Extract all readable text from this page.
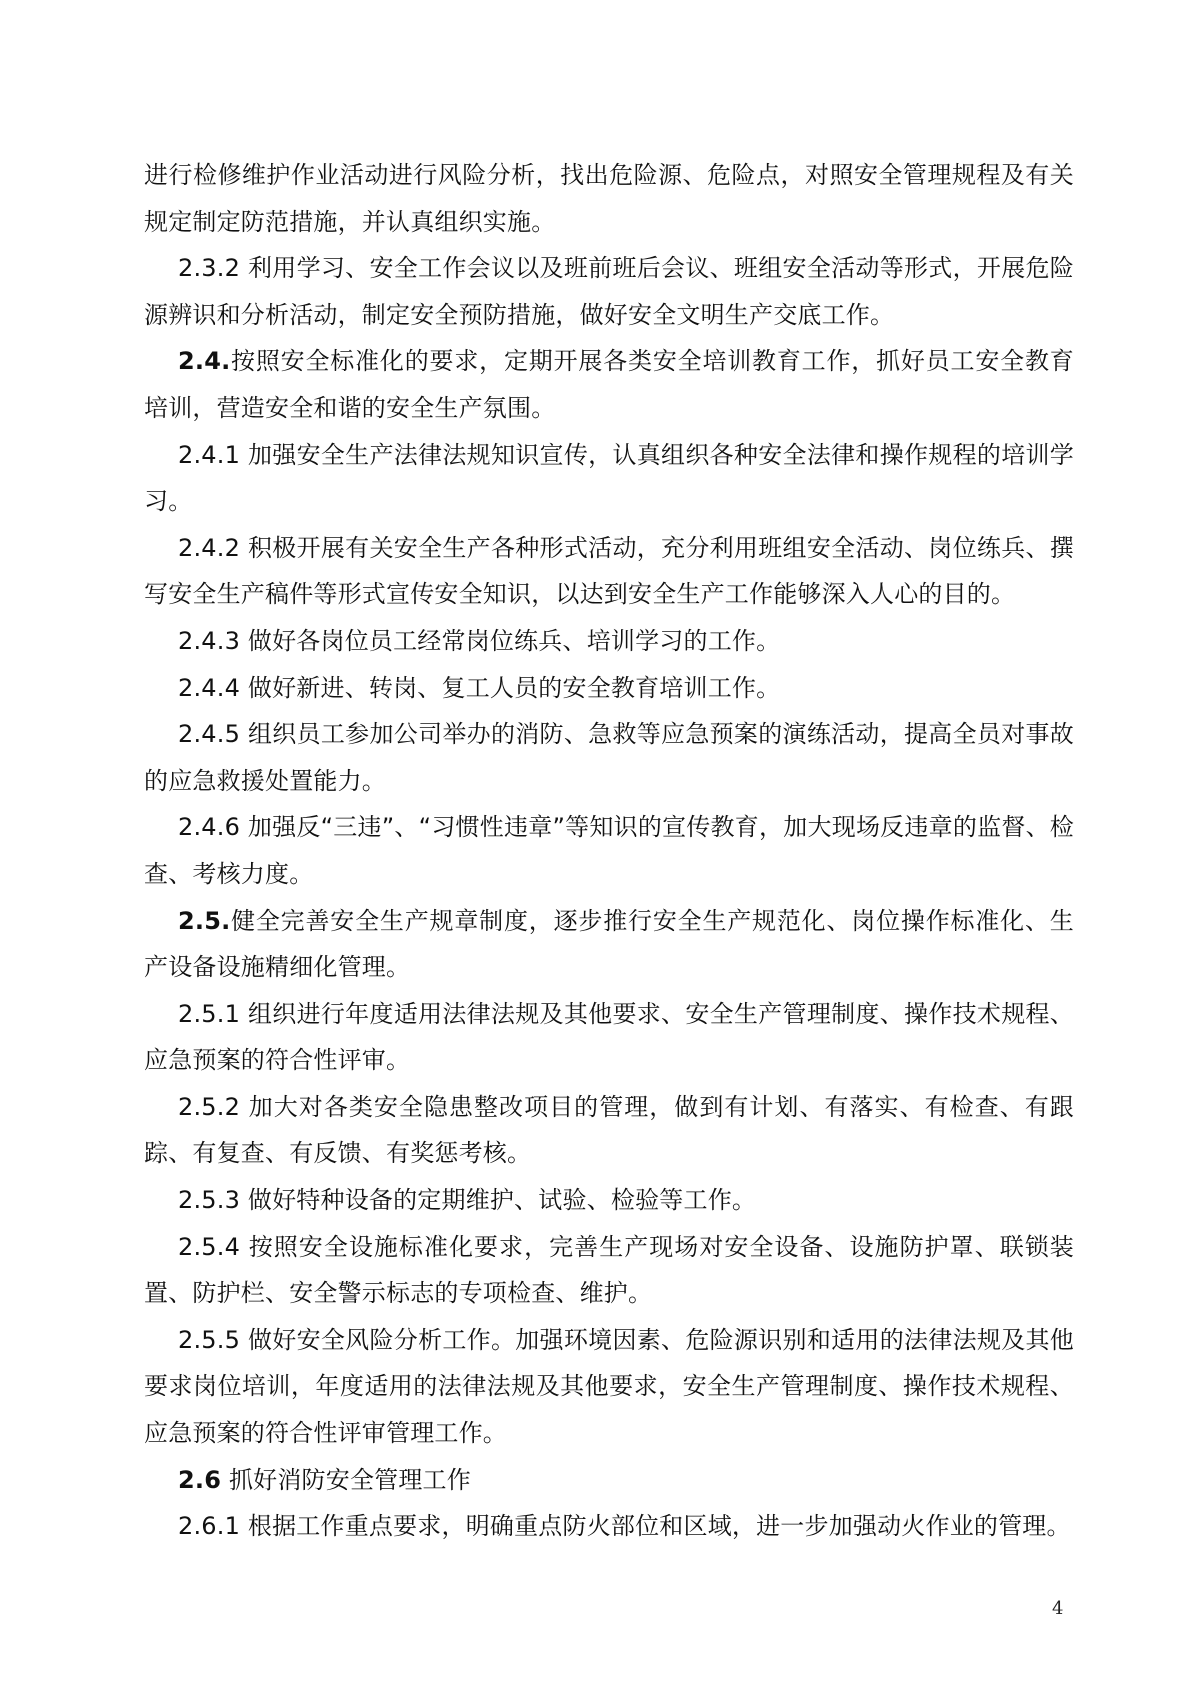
进行检修维护作业活动进行风险分析，找出危险源、危险点，对照安全管理规程及有关规定制定防范措施，并认真组织实施。

2.3.2 利用学习、安全工作会议以及班前班后会议、班组安全活动等形式，开展危险源辨识和分析活动，制定安全预防措施，做好安全文明生产交底工作。

2.4.按照安全标准化的要求，定期开展各类安全培训教育工作，抓好员工安全教育培训，营造安全和谐的安全生产氛围。

2.4.1 加强安全生产法律法规知识宣传，认真组织各种安全法律和操作规程的培训学习。

2.4.2 积极开展有关安全生产各种形式活动，充分利用班组安全活动、岗位练兵、撰写安全生产稿件等形式宣传安全知识，以达到安全生产工作能够深入人心的目的。

2.4.3 做好各岗位员工经常岗位练兵、培训学习的工作。

2.4.4 做好新进、转岗、复工人员的安全教育培训工作。

2.4.5 组织员工参加公司举办的消防、急救等应急预案的演练活动，提高全员对事故的应急救援处置能力。

2.4.6 加强反“三违”、“习惯性违章”等知识的宣传教育，加大现场反违章的监督、检查、考核力度。

2.5.健全完善安全生产规章制度，逐步推行安全生产规范化、岗位操作标准化、生产设备设施精细化管理。

2.5.1 组织进行年度适用法律法规及其他要求、安全生产管理制度、操作技术规程、应急预案的符合性评审。

2.5.2 加大对各类安全隐患整改项目的管理，做到有计划、有落实、有检查、有跟踪、有复查、有反馈、有奖惩考核。

2.5.3 做好特种设备的定期维护、试验、检验等工作。

2.5.4 按照安全设施标准化要求，完善生产现场对安全设备、设施防护罩、联锁装置、防护栏、安全警示标志的专项检查、维护。

2.5.5 做好安全风险分析工作。加强环境因素、危险源识别和适用的法律法规及其他要求岗位培训，年度适用的法律法规及其他要求，安全生产管理制度、操作技术规程、应急预案的符合性评审管理工作。

2.6 抓好消防安全管理工作

2.6.1 根据工作重点要求，明确重点防火部位和区域，进一步加强动火作业的管理。

4
